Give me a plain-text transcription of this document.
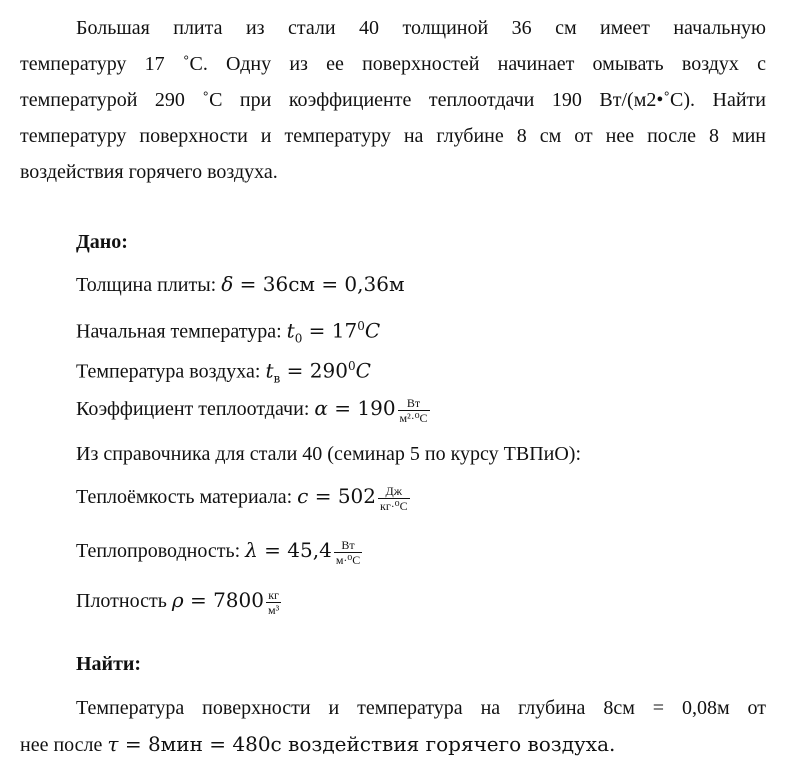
Большая плита из стали 40 толщиной 36 см имеет начальную

температуру 17 ˚С. Одну из ее поверхностей начинает омывать воздух с

температурой 290 ˚С при коэффициенте теплоотдачи 190 Вт/(м2•˚С). Найти

температуру поверхности и температуру на глубине 8 см от нее после 8 мин

воздействия горячего воздуха.

Дано:
Толщина плиты: δ = 36см = 0,36м
Начальная температура: $t_0 = 17^0C$
Температура воздуха: $t_в = 290^0C$
Коэффициент теплоотдачи: $\alpha = 190 \frac{Вт}{\text{м²·⁰C}}$
Из справочника для стали 40 (семинар 5 по курсу ТВПиО):
Теплоёмкость материала: $c = 502 \frac{Дж}{\text{кг·⁰C}}$
Теплопроводность: $\lambda = 45,4 \frac{Вт}{\text{м·⁰C}}$
Плотность $\rho = 7800 \frac{кг}{\text{м³}}$
Найти:

Температура поверхности и температура на глубина 8см = 0,08м от

нее после τ = 8мин = 480с воздействия горячего воздуха.
